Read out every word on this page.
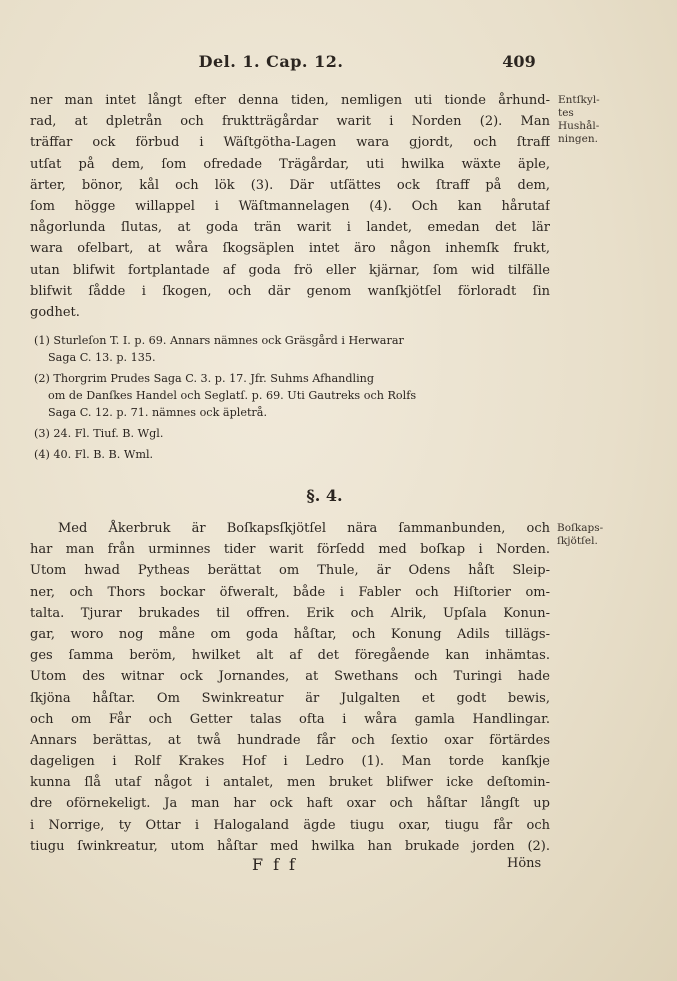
Del. 1. Cap. 12.	409
ner man intet långt efter denna tiden, nemligen uti tionde århund‐
rad, at dpletrån och fruktträgårdar warit i Norden (2). Man
träffar ock förbud i Wäſtgötha‐Lagen wara gjordt, och ſtraff
utſat på dem, ſom ofredade Trägårdar, uti hwilka wäxte äple,
ärter, bönor, kål och lök (3). Där utſättes ock ſtraff på dem,
ſom högge willappel i Wäſtmannelagen (4). Och kan hårutaf
någorlunda ſlutas, at goda trän warit i landet, emedan det lär
wara ofelbart, at wåra ſkogsäplen intet äro någon inhemſk frukt,
utan blifwit fortplantade af goda frö eller kjärnar, ſom wid tilfälle
blifwit ſådde i ſkogen, och där genom wanſkjötſel förloradt ſin
godhet.
Entſkyl‐
tes
Hushål‐
ningen.
(1) Sturleſon T. I. p. 69. Annars nämnes ock Gräsgård i Herwarar
Saga C. 13. p. 135.
(2) Thorgrim Prudes Saga C. 3. p. 17. Jfr. Suhms Afhandling
om de Danſkes Handel och Seglatſ. p. 69. Uti Gautreks och Rolfs
Saga C. 12. p. 71. nämnes ock äpletrå.
(3) 24. Fl. Tiuf. B. Wgl.
(4) 40. Fl. B. B. Wml.
§. 4.
Med Åkerbruk är Boſkapsſkjötſel nära ſammanbunden, och
har man från urminnes tider warit förſedd med boſkap i Norden.
Utom hwad Pytheas berättat om Thule, är Odens håſt Sleip‐
ner, och Thors bockar öfweralt, både i Fabler och Hiſtorier om‐
talta. Tjurar brukades til offren. Erik och Alrik, Upſala Konun‐
gar, woro nog måne om goda håſtar, och Konung Adils tillägs‐
ges ſamma beröm, hwilket alt af det föregående kan inhämtas.
Utom des witnar ock Jornandes, at Swethans och Turingi hade
ſkjöna håſtar. Om Swinkreatur är Julgalten et godt bewis,
och om Får och Getter talas ofta i wåra gamla Handlingar.
Annars berättas, at twå hundrade får och ſextio oxar förtärdes
dageligen i Rolf Krakes Hof i Ledro (1). Man torde kanſkje
kunna ſlå utaf något i antalet, men bruket blifwer icke deſtomin‐
dre oförnekeligt. Ja man har ock haft oxar och håſtar långſt up
i Norrige, ty Ottar i Halogaland ägde tiugu oxar, tiugu får och
tiugu ſwinkreatur, utom håſtar med hwilka han brukade jorden (2).
Boſkaps‐
ſkjötſel.
Fff	Höns
